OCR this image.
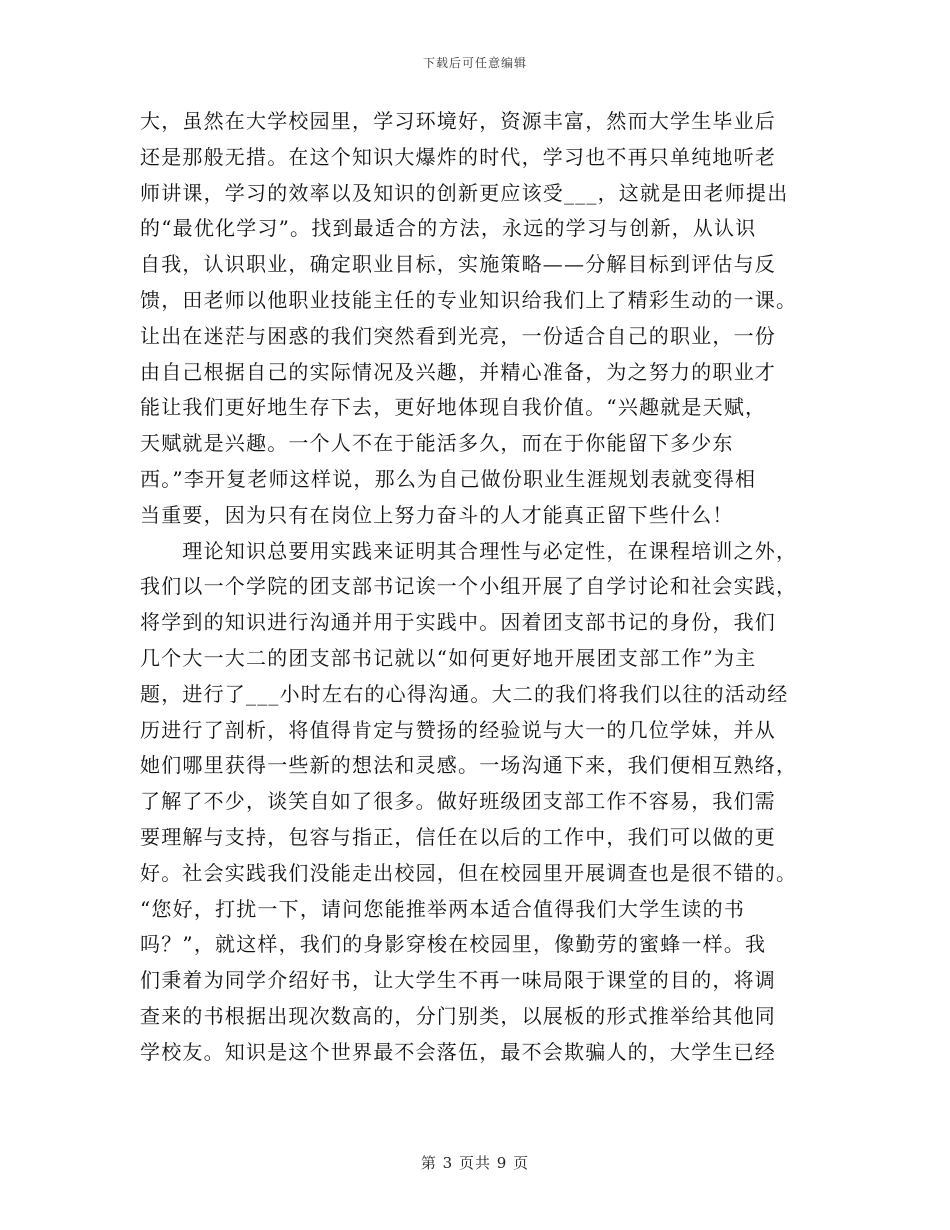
下载后可任意编辑
大，虽然在大学校园里，学习环境好，资源丰富，然而大学生毕业后
还是那般无措。在这个知识大爆炸的时代，学习也不再只单纯地听老
师讲课，学习的效率以及知识的创新更应该受___，这就是田老师提出
的“最优化学习”。找到最适合的方法，永远的学习与创新，从认识
自我，认识职业，确定职业目标，实施策略——分解目标到评估与反
馈，田老师以他职业技能主任的专业知识给我们上了精彩生动的一课。
让出在迷茫与困惑的我们突然看到光亮，一份适合自己的职业，一份
由自己根据自己的实际情况及兴趣，并精心准备，为之努力的职业才
能让我们更好地生存下去，更好地体现自我价值。“兴趣就是天赋，
天赋就是兴趣。一个人不在于能活多久，而在于你能留下多少东
西。”李开复老师这样说，那么为自己做份职业生涯规划表就变得相
当重要，因为只有在岗位上努力奋斗的人才能真正留下些什么！
　　理论知识总要用实践来证明其合理性与必定性，在课程培训之外，
我们以一个学院的团支部书记诶一个小组开展了自学讨论和社会实践，
将学到的知识进行沟通并用于实践中。因着团支部书记的身份，我们
几个大一大二的团支部书记就以“如何更好地开展团支部工作”为主
题，进行了___小时左右的心得沟通。大二的我们将我们以往的活动经
历进行了剖析，将值得肯定与赞扬的经验说与大一的几位学妹，并从
她们哪里获得一些新的想法和灵感。一场沟通下来，我们便相互熟络，
了解了不少，谈笑自如了很多。做好班级团支部工作不容易，我们需
要理解与支持，包容与指正，信任在以后的工作中，我们可以做的更
好。社会实践我们没能走出校园，但在校园里开展调查也是很不错的。
“您好，打扰一下，请问您能推举两本适合值得我们大学生读的书
吗？”，就这样，我们的身影穿梭在校园里，像勤劳的蜜蜂一样。我
们秉着为同学介绍好书，让大学生不再一味局限于课堂的目的，将调
查来的书根据出现次数高的，分门别类，以展板的形式推举给其他同
学校友。知识是这个世界最不会落伍，最不会欺骗人的，大学生已经
第 3 页共 9 页
